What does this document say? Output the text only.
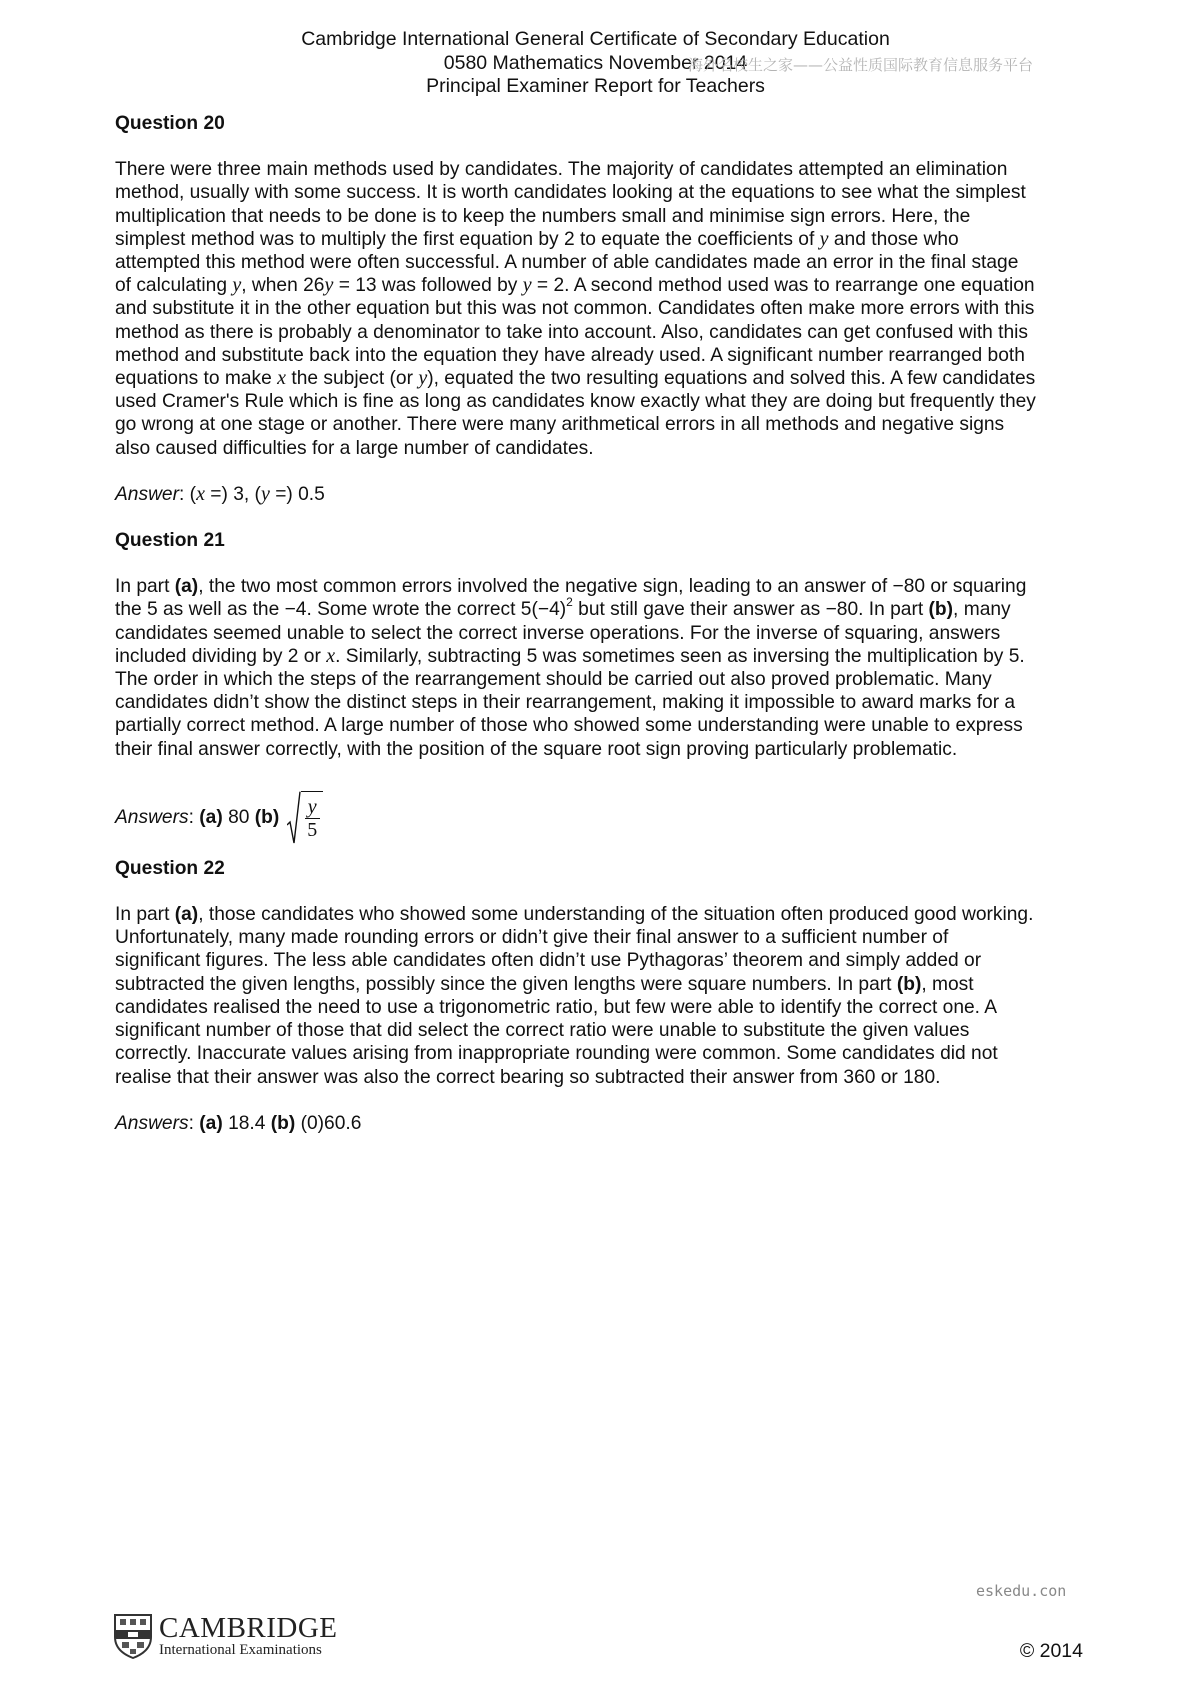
Cambridge International General Certificate of Secondary Education
0580 Mathematics November 2014
Principal Examiner Report for Teachers
海外名校生之家——公益性质国际教育信息服务平台
Question 20
There were three main methods used by candidates. The majority of candidates attempted an elimination
method, usually with some success. It is worth candidates looking at the equations to see what the simplest
multiplication that needs to be done is to keep the numbers small and minimise sign errors. Here, the
simplest method was to multiply the first equation by 2 to equate the coefficients of y and those who
attempted this method were often successful. A number of able candidates made an error in the final stage
of calculating y, when 26y = 13 was followed by y = 2. A second method used was to rearrange one equation
and substitute it in the other equation but this was not common. Candidates often make more errors with this
method as there is probably a denominator to take into account. Also, candidates can get confused with this
method and substitute back into the equation they have already used. A significant number rearranged both
equations to make x the subject (or y), equated the two resulting equations and solved this. A few candidates
used Cramer's Rule which is fine as long as candidates know exactly what they are doing but frequently they
go wrong at one stage or another. There were many arithmetical errors in all methods and negative signs
also caused difficulties for a large number of candidates.
Answer: (x =) 3, (y =) 0.5
Question 21
In part (a), the two most common errors involved the negative sign, leading to an answer of −80 or squaring
the 5 as well as the −4. Some wrote the correct $5(-4)^2$ but still gave their answer as −80. In part (b), many
candidates seemed unable to select the correct inverse operations. For the inverse of squaring, answers
included dividing by 2 or x. Similarly, subtracting 5 was sometimes seen as inversing the multiplication by 5.
The order in which the steps of the rearrangement should be carried out also proved problematic. Many
candidates didn’t show the distinct steps in their rearrangement, making it impossible to award marks for a
partially correct method. A large number of those who showed some understanding were unable to express
their final answer correctly, with the position of the square root sign proving particularly problematic.
Answers :
(a)
80
$(b) \frac{y}{5}$
Question 22
In part (a), those candidates who showed some understanding of the situation often produced good working.
Unfortunately, many made rounding errors or didn’t give their final answer to a sufficient number of
significant figures. The less able candidates often didn’t use Pythagoras’ theorem and simply added or
subtracted the given lengths, possibly since the given lengths were square numbers. In part (b), most
candidates realised the need to use a trigonometric ratio, but few were able to identify the correct one. A
significant number of those that did select the correct ratio were unable to substitute the given values
correctly. Inaccurate values arising from inappropriate rounding were common. Some candidates did not
realise that their answer was also the correct bearing so subtracted their answer from 360 or 180.
Answers: (a) 18.4 (b) (0)60.6
eskedu.con
CAMBRIDGE
International Examinations	© 2014
